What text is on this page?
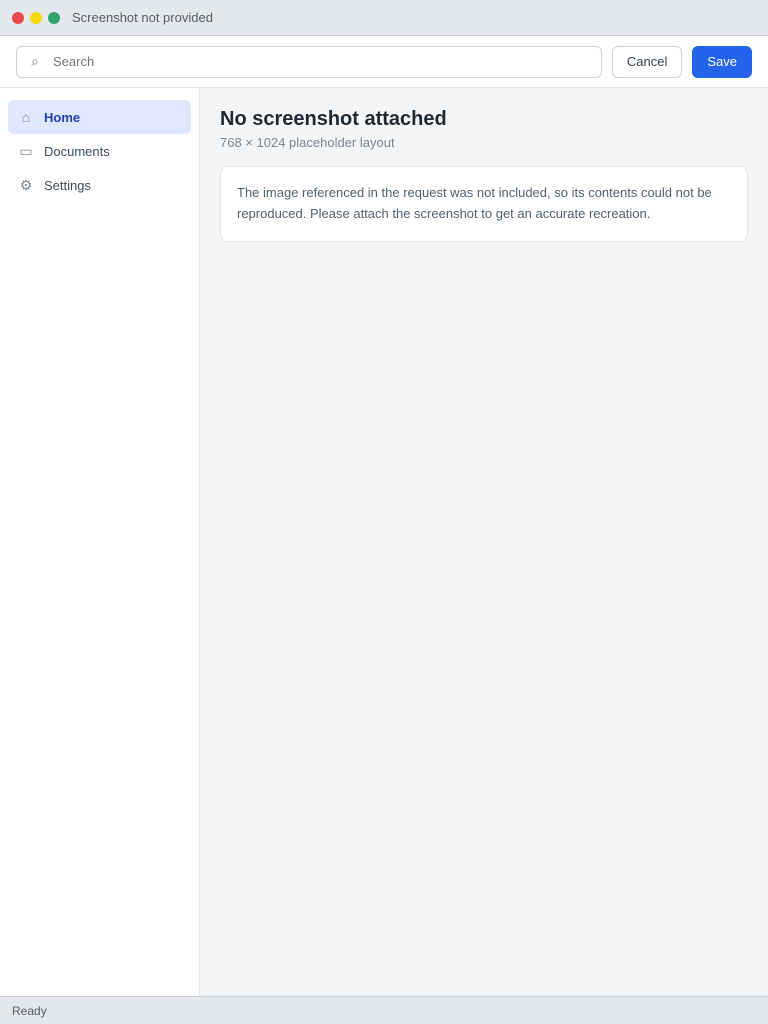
Screenshot not provided
⌕
Search	Cancel	Save
⌂ Home
▭ Documents
⚙ Settings
No screenshot attached

768 × 1024 placeholder layout

The image referenced in the request was not included, so its contents could not be reproduced. Please attach the screenshot to get an accurate recreation.

Ready
